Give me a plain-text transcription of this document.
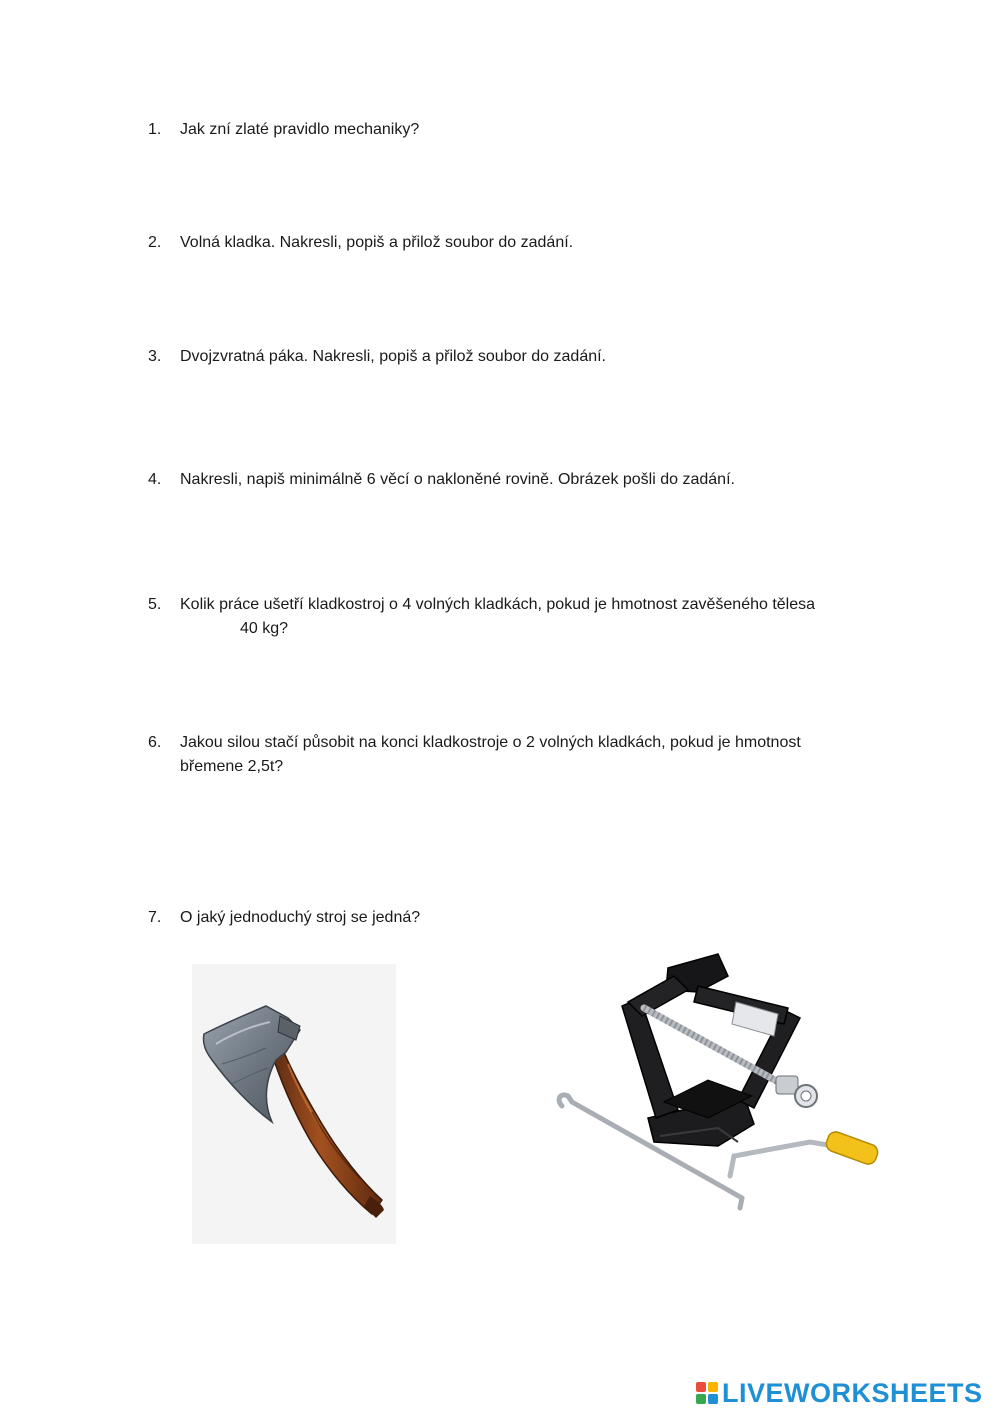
1. Jak zní zlaté pravidlo mechaniky?
2. Volná kladka. Nakresli, popiš a přilož soubor do zadání.
3. Dvojzvratná páka. Nakresli, popiš a přilož soubor do zadání.
4. Nakresli, napiš minimálně 6 věcí o nakloněné rovině. Obrázek pošli do zadání.
5. Kolik práce ušetří kladkostroj o 4 volných kladkách, pokud je hmotnost zavěšeného tělesa
40 kg?
6. Jakou silou stačí působit na konci kladkostroje o 2 volných kladkách, pokud je hmotnost
břemene 2,5t?
7. O jaký jednoduchý stroj se jedná?
LIVEWORKSHEETS
